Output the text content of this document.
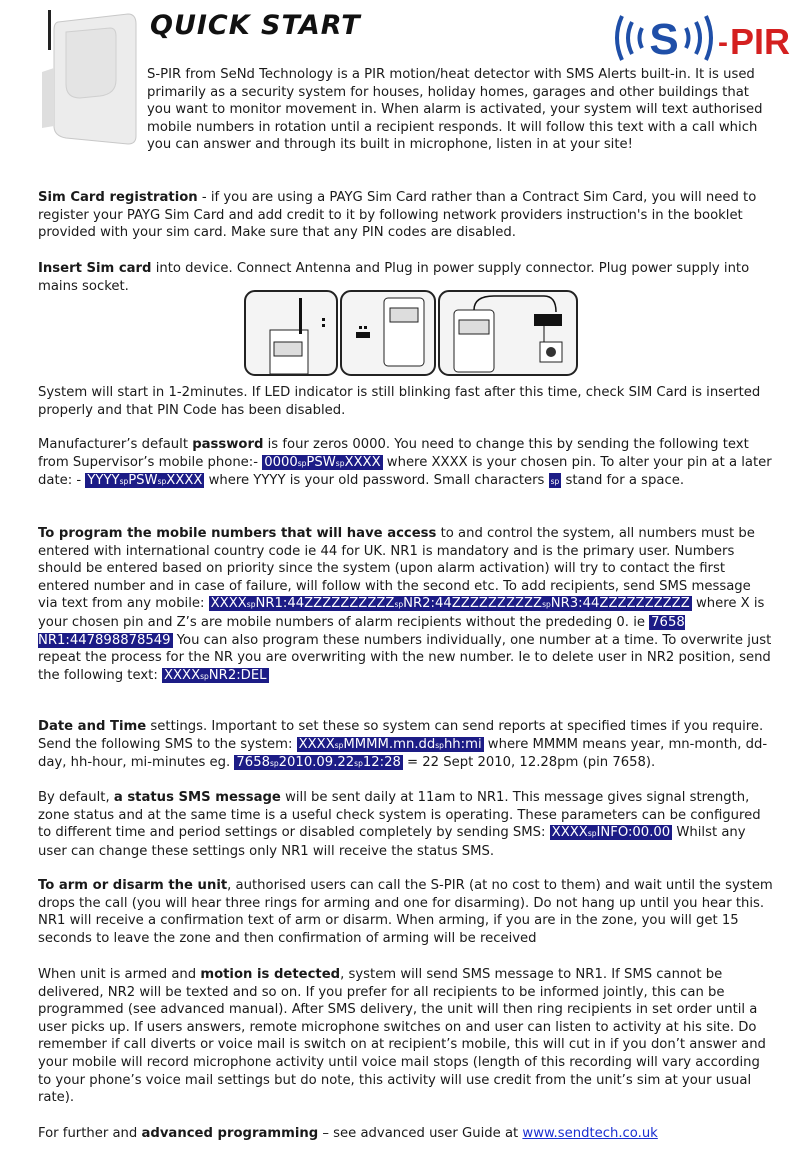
QUICK START	S - PIR
S-PIR from SeNd Technology is a PIR motion/heat detector with SMS Alerts built-in. It is used primarily as a security system for houses, holiday homes, garages and other buildings that you want to monitor movement in. When alarm is activated, your system will text authorised mobile numbers in rotation until a recipient responds. It will follow this text with a call which you can answer and through its built in microphone, listen in at your site!
Sim Card registration - if you are using a PAYG Sim Card rather than a Contract Sim Card, you will need to register your PAYG Sim Card and add credit to it by following network providers instruction's in the booklet provided with your sim card. Make sure that any PIN codes are disabled.
Insert Sim card into device. Connect Antenna and Plug in power supply connector. Plug power supply into mains socket.
System will start in 1-2minutes. If LED indicator is still blinking fast after this time, check SIM Card is inserted properly and that PIN Code has been disabled.
Manufacturer’s default password is four zeros 0000. You need to change this by sending the following text from Supervisor’s mobile phone:- 0000spPSWspXXXX where XXXX is your chosen pin. To alter your pin at a later date: - YYYYspPSWspXXXX where YYYY is your old password. Small characters sp stand for a space.
To program the mobile numbers that will have access to and control the system, all numbers must be entered with international country code ie 44 for UK. NR1 is mandatory and is the primary user. Numbers should be entered based on priority since the system (upon alarm activation) will try to contact the first entered number and in case of failure, will follow with the second etc. To add recipients, send SMS message via text from any mobile: XXXXspNR1:44ZZZZZZZZZZspNR2:44ZZZZZZZZZZspNR3:44ZZZZZZZZZZ where X is your chosen pin and Z’s are mobile numbers of alarm recipients without the prededing 0. ie 7658 NR1:447898878549 You can also program these numbers individually, one number at a time. To overwrite just repeat the process for the NR you are overwriting with the new number. Ie to delete user in NR2 position, send the following text: XXXXspNR2:DEL
Date and Time settings. Important to set these so system can send reports at specified times if you require. Send the following SMS to the system: XXXXspMMMM.mn.ddsphh:mi where MMMM means year, mn-month, dd-day, hh-hour, mi-minutes eg. 7658sp2010.09.22sp12:28 = 22 Sept 2010, 12.28pm (pin 7658).
By default, a status SMS message will be sent daily at 11am to NR1. This message gives signal strength, zone status and at the same time is a useful check system is operating. These parameters can be configured to different time and period settings or disabled completely by sending SMS: XXXXspINFO:00.00 Whilst any user can change these settings only NR1 will receive the status SMS.
To arm or disarm the unit, authorised users can call the S-PIR (at no cost to them) and wait until the system drops the call (you will hear three rings for arming and one for disarming). Do not hang up until you hear this. NR1 will receive a confirmation text of arm or disarm. When arming, if you are in the zone, you will get 15 seconds to leave the zone and then confirmation of arming will be received
When unit is armed and motion is detected, system will send SMS message to NR1. If SMS cannot be delivered, NR2 will be texted and so on. If you prefer for all recipients to be informed jointly, this can be programmed (see advanced manual). After SMS delivery, the unit will then ring recipients in set order until a user picks up. If users answers, remote microphone switches on and user can listen to activity at his site. Do remember if call diverts or voice mail is switch on at recipient’s mobile, this will cut in if you don’t answer and your mobile will record microphone activity until voice mail stops (length of this recording will vary according to your phone’s voice mail settings but do note, this activity will use credit from the unit’s sim at your usual rate).
For further and advanced programming – see advanced user Guide at www.sendtech.co.uk
